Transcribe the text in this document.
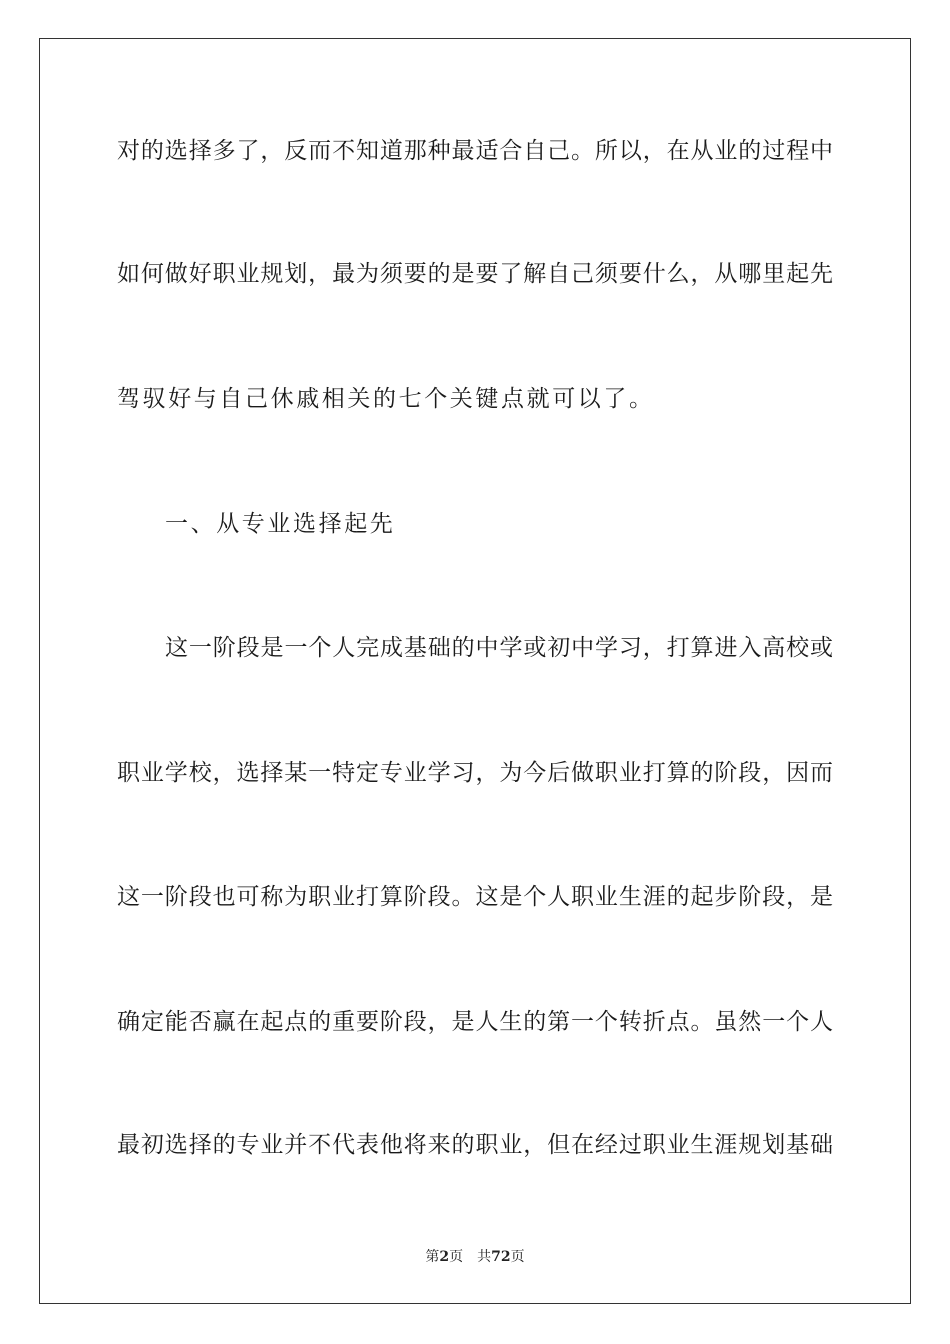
对的选择多了，反而不知道那种最适合自己。所以，在从业的过程中
如何做好职业规划，最为须要的是要了解自己须要什么，从哪里起先
驾驭好与自己休戚相关的七个关键点就可以了。
一、从专业选择起先
这一阶段是一个人完成基础的中学或初中学习，打算进入高校或
职业学校，选择某一特定专业学习，为今后做职业打算的阶段，因而
这一阶段也可称为职业打算阶段。这是个人职业生涯的起步阶段，是
确定能否赢在起点的重要阶段，是人生的第一个转折点。虽然一个人
最初选择的专业并不代表他将来的职业，但在经过职业生涯规划基础
第2页 共72页
